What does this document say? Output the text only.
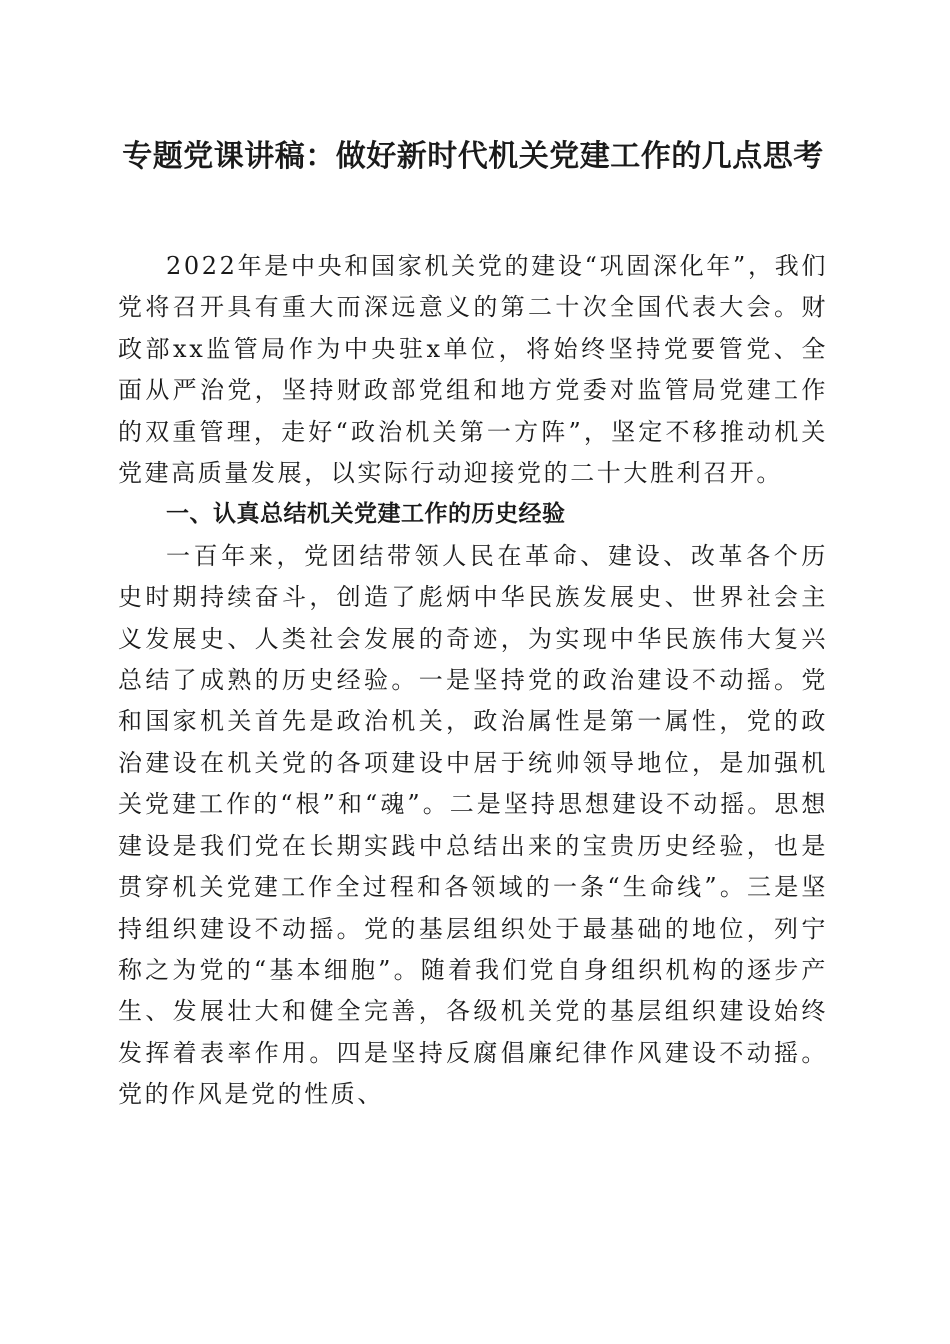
专题党课讲稿：做好新时代机关党建工作的几点思考

2022年是中央和国家机关党的建设“巩固深化年”，我们党将召开具有重大而深远意义的第二十次全国代表大会。财政部xx监管局作为中央驻x单位，将始终坚持党要管党、全面从严治党，坚持财政部党组和地方党委对监管局党建工作的双重管理，走好“政治机关第一方阵”，坚定不移推动机关党建高质量发展，以实际行动迎接党的二十大胜利召开。

一、认真总结机关党建工作的历史经验

一百年来，党团结带领人民在革命、建设、改革各个历史时期持续奋斗，创造了彪炳中华民族发展史、世界社会主义发展史、人类社会发展的奇迹，为实现中华民族伟大复兴总结了成熟的历史经验。一是坚持党的政治建设不动摇。党和国家机关首先是政治机关，政治属性是第一属性，党的政治建设在机关党的各项建设中居于统帅领导地位，是加强机关党建工作的“根”和“魂”。二是坚持思想建设不动摇。思想建设是我们党在长期实践中总结出来的宝贵历史经验，也是贯穿机关党建工作全过程和各领域的一条“生命线”。三是坚持组织建设不动摇。党的基层组织处于最基础的地位，列宁称之为党的“基本细胞”。随着我们党自身组织机构的逐步产生、发展壮大和健全完善，各级机关党的基层组织建设始终发挥着表率作用。四是坚持反腐倡廉纪律作风建设不动摇。党的作风是党的性质、
